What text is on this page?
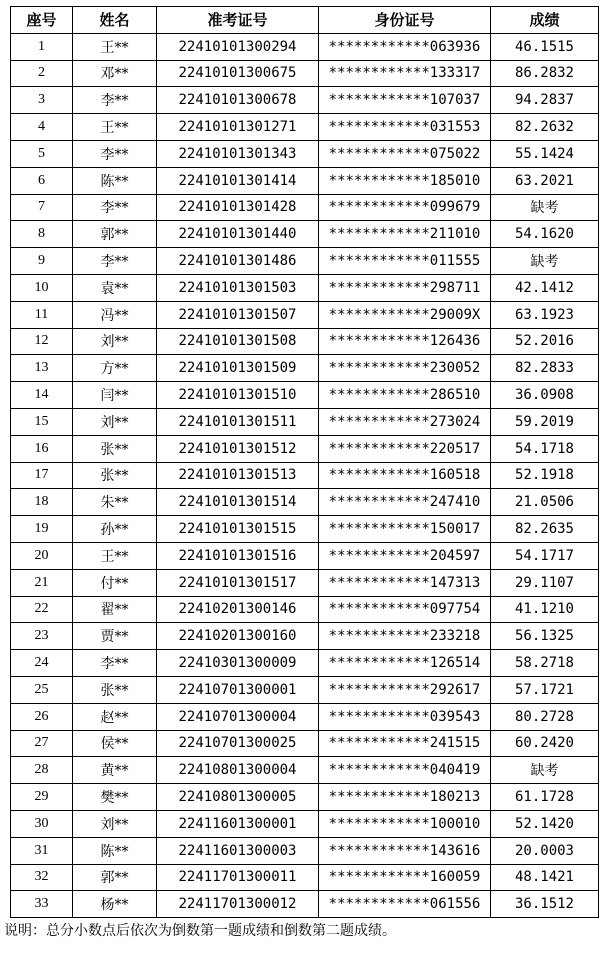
座号	姓名	准考证号	身份证号	成绩
1	王**	22410101300294	************063936	46.1515
2	邓**	22410101300675	************133317	86.2832
3	李**	22410101300678	************107037	94.2837
4	王**	22410101301271	************031553	82.2632
5	李**	22410101301343	************075022	55.1424
6	陈**	22410101301414	************185010	63.2021
7	李**	22410101301428	************099679	缺考
8	郭**	22410101301440	************211010	54.1620
9	李**	22410101301486	************011555	缺考
10	袁**	22410101301503	************298711	42.1412
11	冯**	22410101301507	************29009X	63.1923
12	刘**	22410101301508	************126436	52.2016
13	方**	22410101301509	************230052	82.2833
14	闫**	22410101301510	************286510	36.0908
15	刘**	22410101301511	************273024	59.2019
16	张**	22410101301512	************220517	54.1718
17	张**	22410101301513	************160518	52.1918
18	朱**	22410101301514	************247410	21.0506
19	孙**	22410101301515	************150017	82.2635
20	王**	22410101301516	************204597	54.1717
21	付**	22410101301517	************147313	29.1107
22	翟**	22410201300146	************097754	41.1210
23	贾**	22410201300160	************233218	56.1325
24	李**	22410301300009	************126514	58.2718
25	张**	22410701300001	************292617	57.1721
26	赵**	22410701300004	************039543	80.2728
27	侯**	22410701300025	************241515	60.2420
28	黄**	22410801300004	************040419	缺考
29	樊**	22410801300005	************180213	61.1728
30	刘**	22411601300001	************100010	52.1420
31	陈**	22411601300003	************143616	20.0003
32	郭**	22411701300011	************160059	48.1421
33	杨**	22411701300012	************061556	36.1512
说明：总分小数点后依次为倒数第一题成绩和倒数第二题成绩。
